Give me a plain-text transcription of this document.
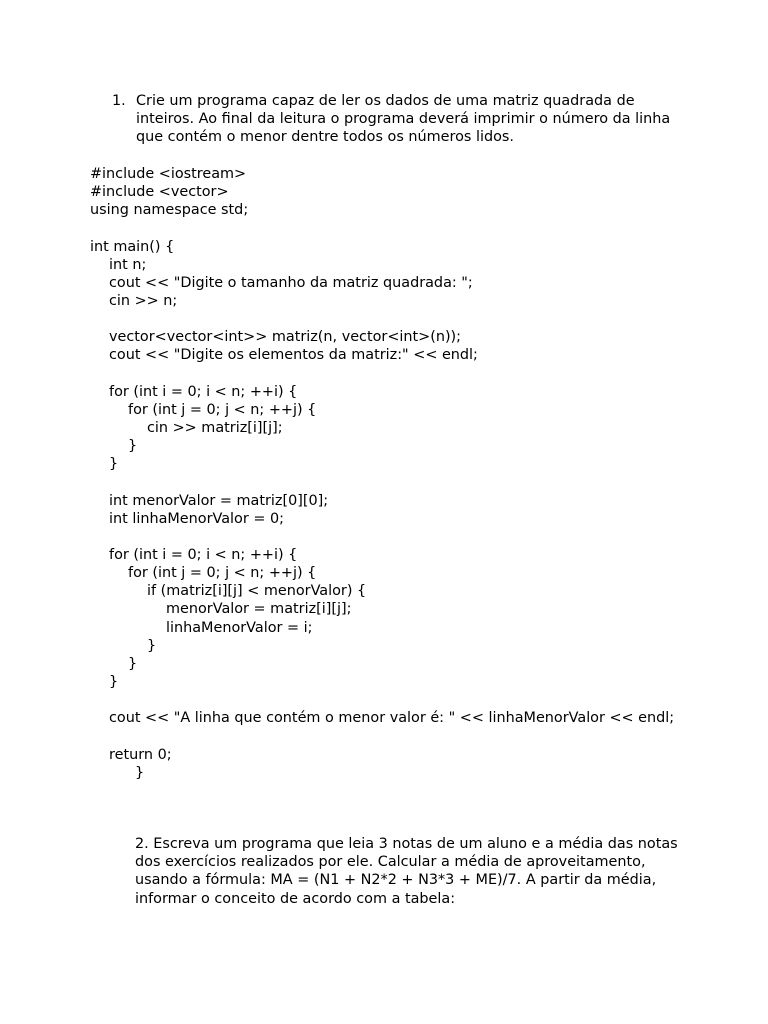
1. Crie um programa capaz de ler os dados de uma matriz quadrada de inteiros. Ao final da leitura o programa deverá imprimir o número da linha que contém o menor dentre todos os números lidos.
#include <iostream>
#include <vector>
using namespace std;
int main() {
int n;
cout << "Digite o tamanho da matriz quadrada: ";
cin >> n;
vector<vector<int>> matriz(n, vector<int>(n));
cout << "Digite os elementos da matriz:" << endl;
for (int i = 0; i < n; ++i) {
for (int j = 0; j < n; ++j) {
cin >> matriz[i][j];
}
}
int menorValor = matriz[0][0];
int linhaMenorValor = 0;
for (int i = 0; i < n; ++i) {
for (int j = 0; j < n; ++j) {
if (matriz[i][j] < menorValor) {
menorValor = matriz[i][j];
linhaMenorValor = i;
}
}
}
cout << "A linha que contém o menor valor é: " << linhaMenorValor << endl;
return 0;
}
2. Escreva um programa que leia 3 notas de um aluno e a média das notas dos exercícios realizados por ele. Calcular a média de aproveitamento, usando a fórmula: MA = (N1 + N2*2 + N3*3 + ME)/7. A partir da média, informar o conceito de acordo com a tabela:
